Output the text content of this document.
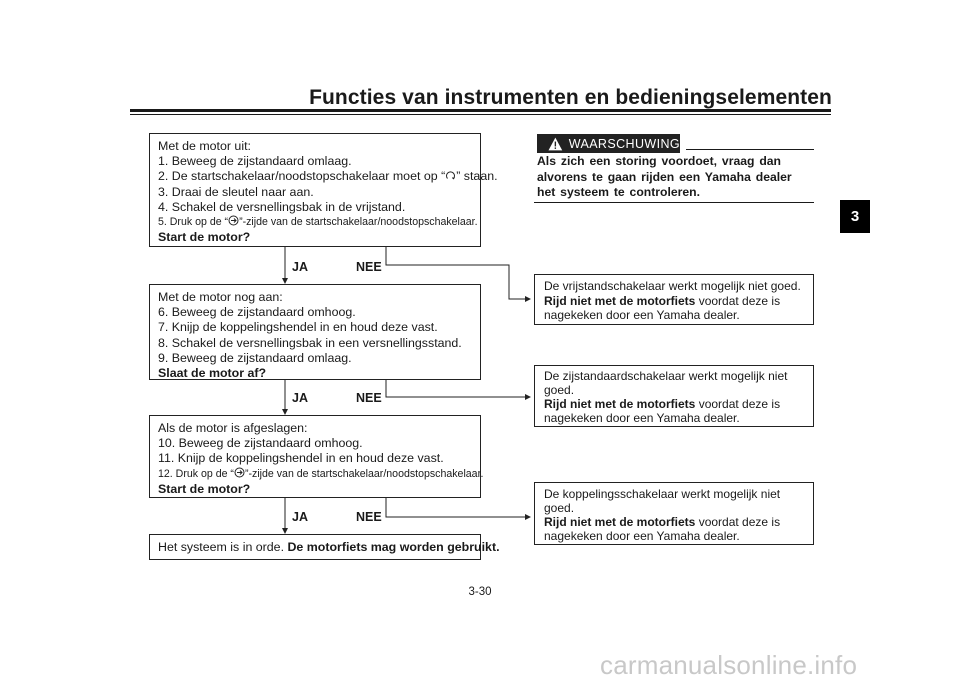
Functies van instrumenten en bedieningselementen
3
Met de motor uit:
1. Beweeg de zijstandaard omlaag.
2. De startschakelaar/noodstopschakelaar moet op “ ” staan.
3. Draai de sleutel naar aan.
4. Schakel de versnellingsbak in de vrijstand.
5. Druk op de “ ”-zijde van de startschakelaar/noodstopschakelaar.
Start de motor?
JA	NEE
Met de motor nog aan:
6. Beweeg de zijstandaard omhoog.
7. Knijp de koppelingshendel in en houd deze vast.
8. Schakel de versnellingsbak in een versnellingsstand.
9. Beweeg de zijstandaard omlaag.
Slaat de motor af?
JA	NEE
Als de motor is afgeslagen:
10. Beweeg de zijstandaard omhoog.
11. Knijp de koppelingshendel in en houd deze vast.
12. Druk op de “ ”-zijde van de startschakelaar/noodstopschakelaar.
Start de motor?
JA	NEE
Het systeem is in orde. De motorfiets mag worden gebruikt.
WAARSCHUWING
Als zich een storing voordoet, vraag dan
alvorens te gaan rijden een Yamaha dealer
het systeem te controleren.
De vrijstandschakelaar werkt mogelijk niet goed.
Rijd niet met de motorfiets voordat deze is
nagekeken door een Yamaha dealer.
De zijstandaardschakelaar werkt mogelijk niet
goed.
Rijd niet met de motorfiets voordat deze is
nagekeken door een Yamaha dealer.
De koppelingsschakelaar werkt mogelijk niet
goed.
Rijd niet met de motorfiets voordat deze is
nagekeken door een Yamaha dealer.
3-30
carmanualsonline.info
